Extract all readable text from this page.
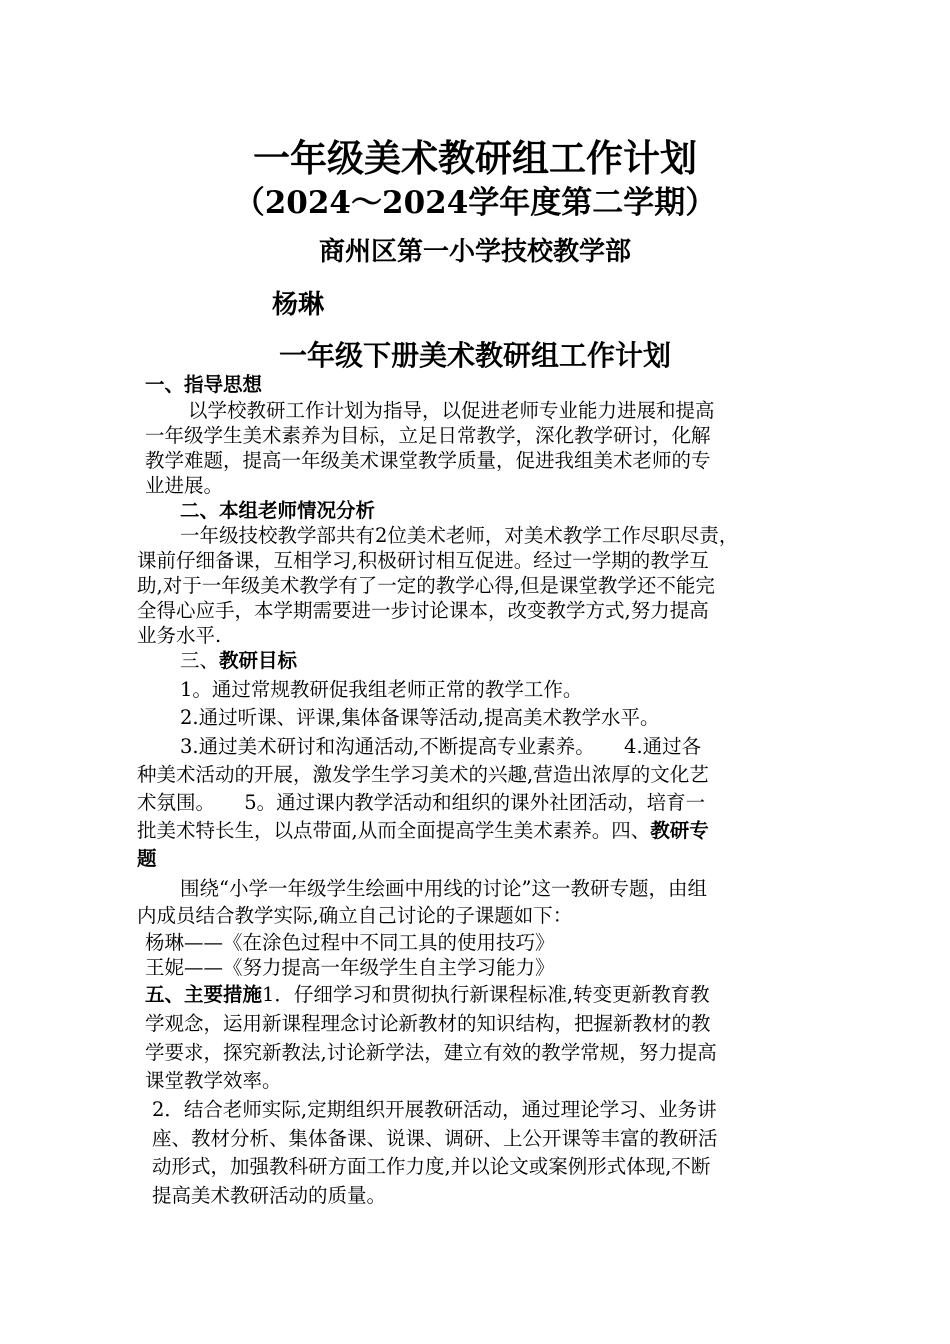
一年级美术教研组工作计划
（2024～2024学年度第二学期）
商州区第一小学技校教学部
杨琳
一年级下册美术教研组工作计划
一、指导思想
以学校教研工作计划为指导，以促进老师专业能力进展和提高
一年级学生美术素养为目标，立足日常教学，深化教学研讨，化解
教学难题，提高一年级美术课堂教学质量，促进我组美术老师的专
业进展。
二、本组老师情况分析
一年级技校教学部共有2位美术老师，对美术教学工作尽职尽责，
课前仔细备课，互相学习,积极研讨相互促进。经过一学期的教学互
助,对于一年级美术教学有了一定的教学心得,但是课堂教学还不能完
全得心应手，本学期需要进一步讨论课本，改变教学方式,努力提高
业务水平.
三、教研目标
1。通过常规教研促我组老师正常的教学工作。
2.通过听课、评课,集体备课等活动,提高美术教学水平。
3.通过美术研讨和沟通活动,不断提高专业素养。　　4.通过各
种美术活动的开展，激发学生学习美术的兴趣,营造出浓厚的文化艺
术氛围。　　5。通过课内教学活动和组织的课外社团活动，培育一
批美术特长生，以点带面,从而全面提高学生美术素养。四、教研专
题
围绕“小学一年级学生绘画中用线的讨论”这一教研专题，由组
内成员结合教学实际,确立自己讨论的子课题如下：
杨琳——《在涂色过程中不同工具的使用技巧》
王妮——《努力提高一年级学生自主学习能力》
五、主要措施1．仔细学习和贯彻执行新课程标准,转变更新教育教
学观念，运用新课程理念讨论新教材的知识结构，把握新教材的教
学要求，探究新教法,讨论新学法，建立有效的教学常规，努力提高
课堂教学效率。
2．结合老师实际,定期组织开展教研活动，通过理论学习、业务讲
座、教材分析、集体备课、说课、调研、上公开课等丰富的教研活
动形式，加强教科研方面工作力度,并以论文或案例形式体现,不断
提高美术教研活动的质量。
